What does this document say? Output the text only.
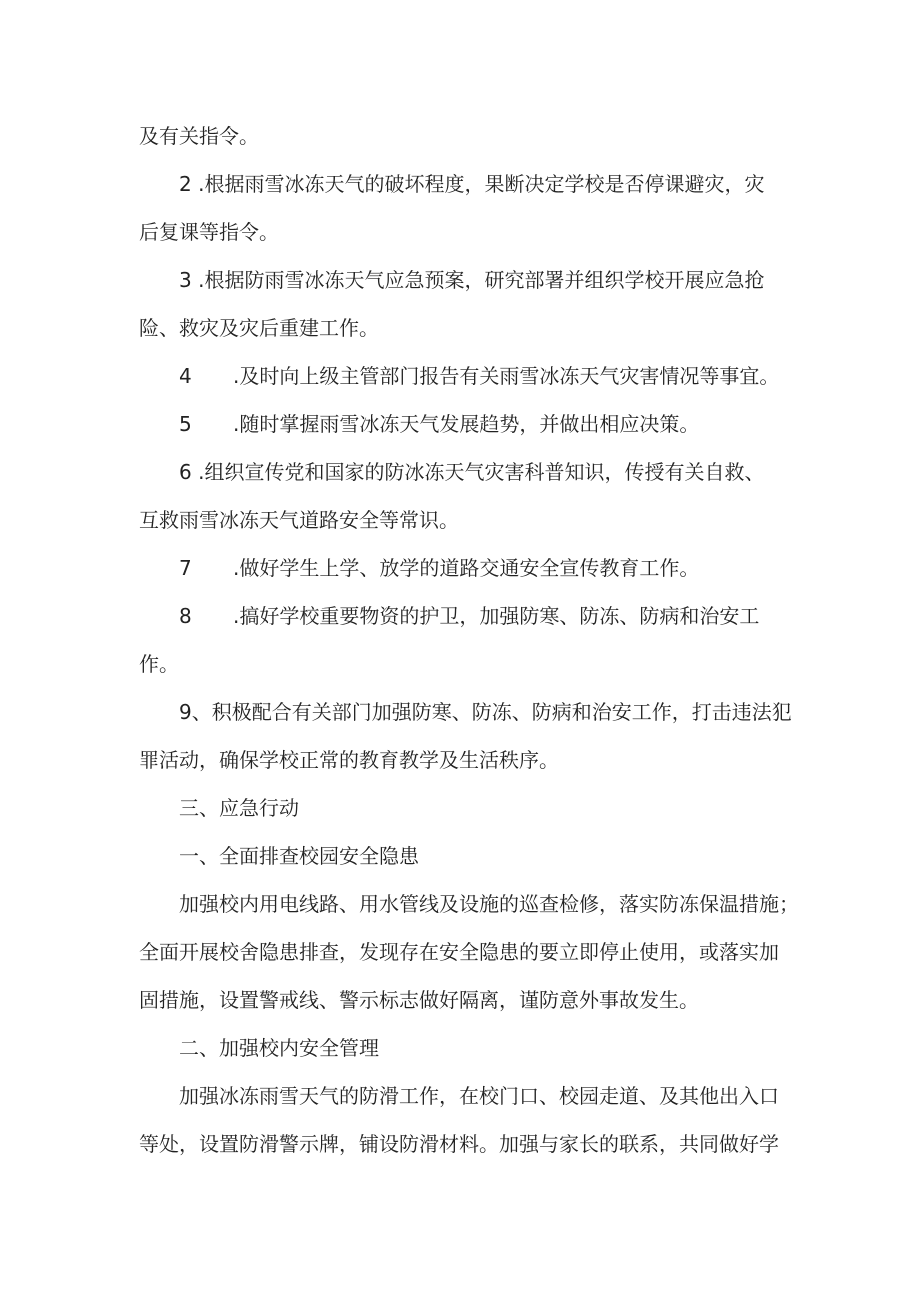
及有关指令。
2 .根据雨雪冰冻天气的破坏程度，果断决定学校是否停课避灾，灾
后复课等指令。
3 .根据防雨雪冰冻天气应急预案，研究部署并组织学校开展应急抢
险、救灾及灾后重建工作。
4 .及时向上级主管部门报告有关雨雪冰冻天气灾害情况等事宜。
5 .随时掌握雨雪冰冻天气发展趋势，并做出相应决策。
6 .组织宣传党和国家的防冰冻天气灾害科普知识，传授有关自救、
互救雨雪冰冻天气道路安全等常识。
7 .做好学生上学、放学的道路交通安全宣传教育工作。
8 .搞好学校重要物资的护卫，加强防寒、防冻、防病和治安工
作。
9、积极配合有关部门加强防寒、防冻、防病和治安工作，打击违法犯
罪活动，确保学校正常的教育教学及生活秩序。
三、应急行动
一、全面排查校园安全隐患
加强校内用电线路、用水管线及设施的巡查检修，落实防冻保温措施；
全面开展校舍隐患排查，发现存在安全隐患的要立即停止使用，或落实加
固措施，设置警戒线、警示标志做好隔离，谨防意外事故发生。
二、加强校内安全管理
加强冰冻雨雪天气的防滑工作，在校门口、校园走道、及其他出入口
等处，设置防滑警示牌，铺设防滑材料。加强与家长的联系，共同做好学
